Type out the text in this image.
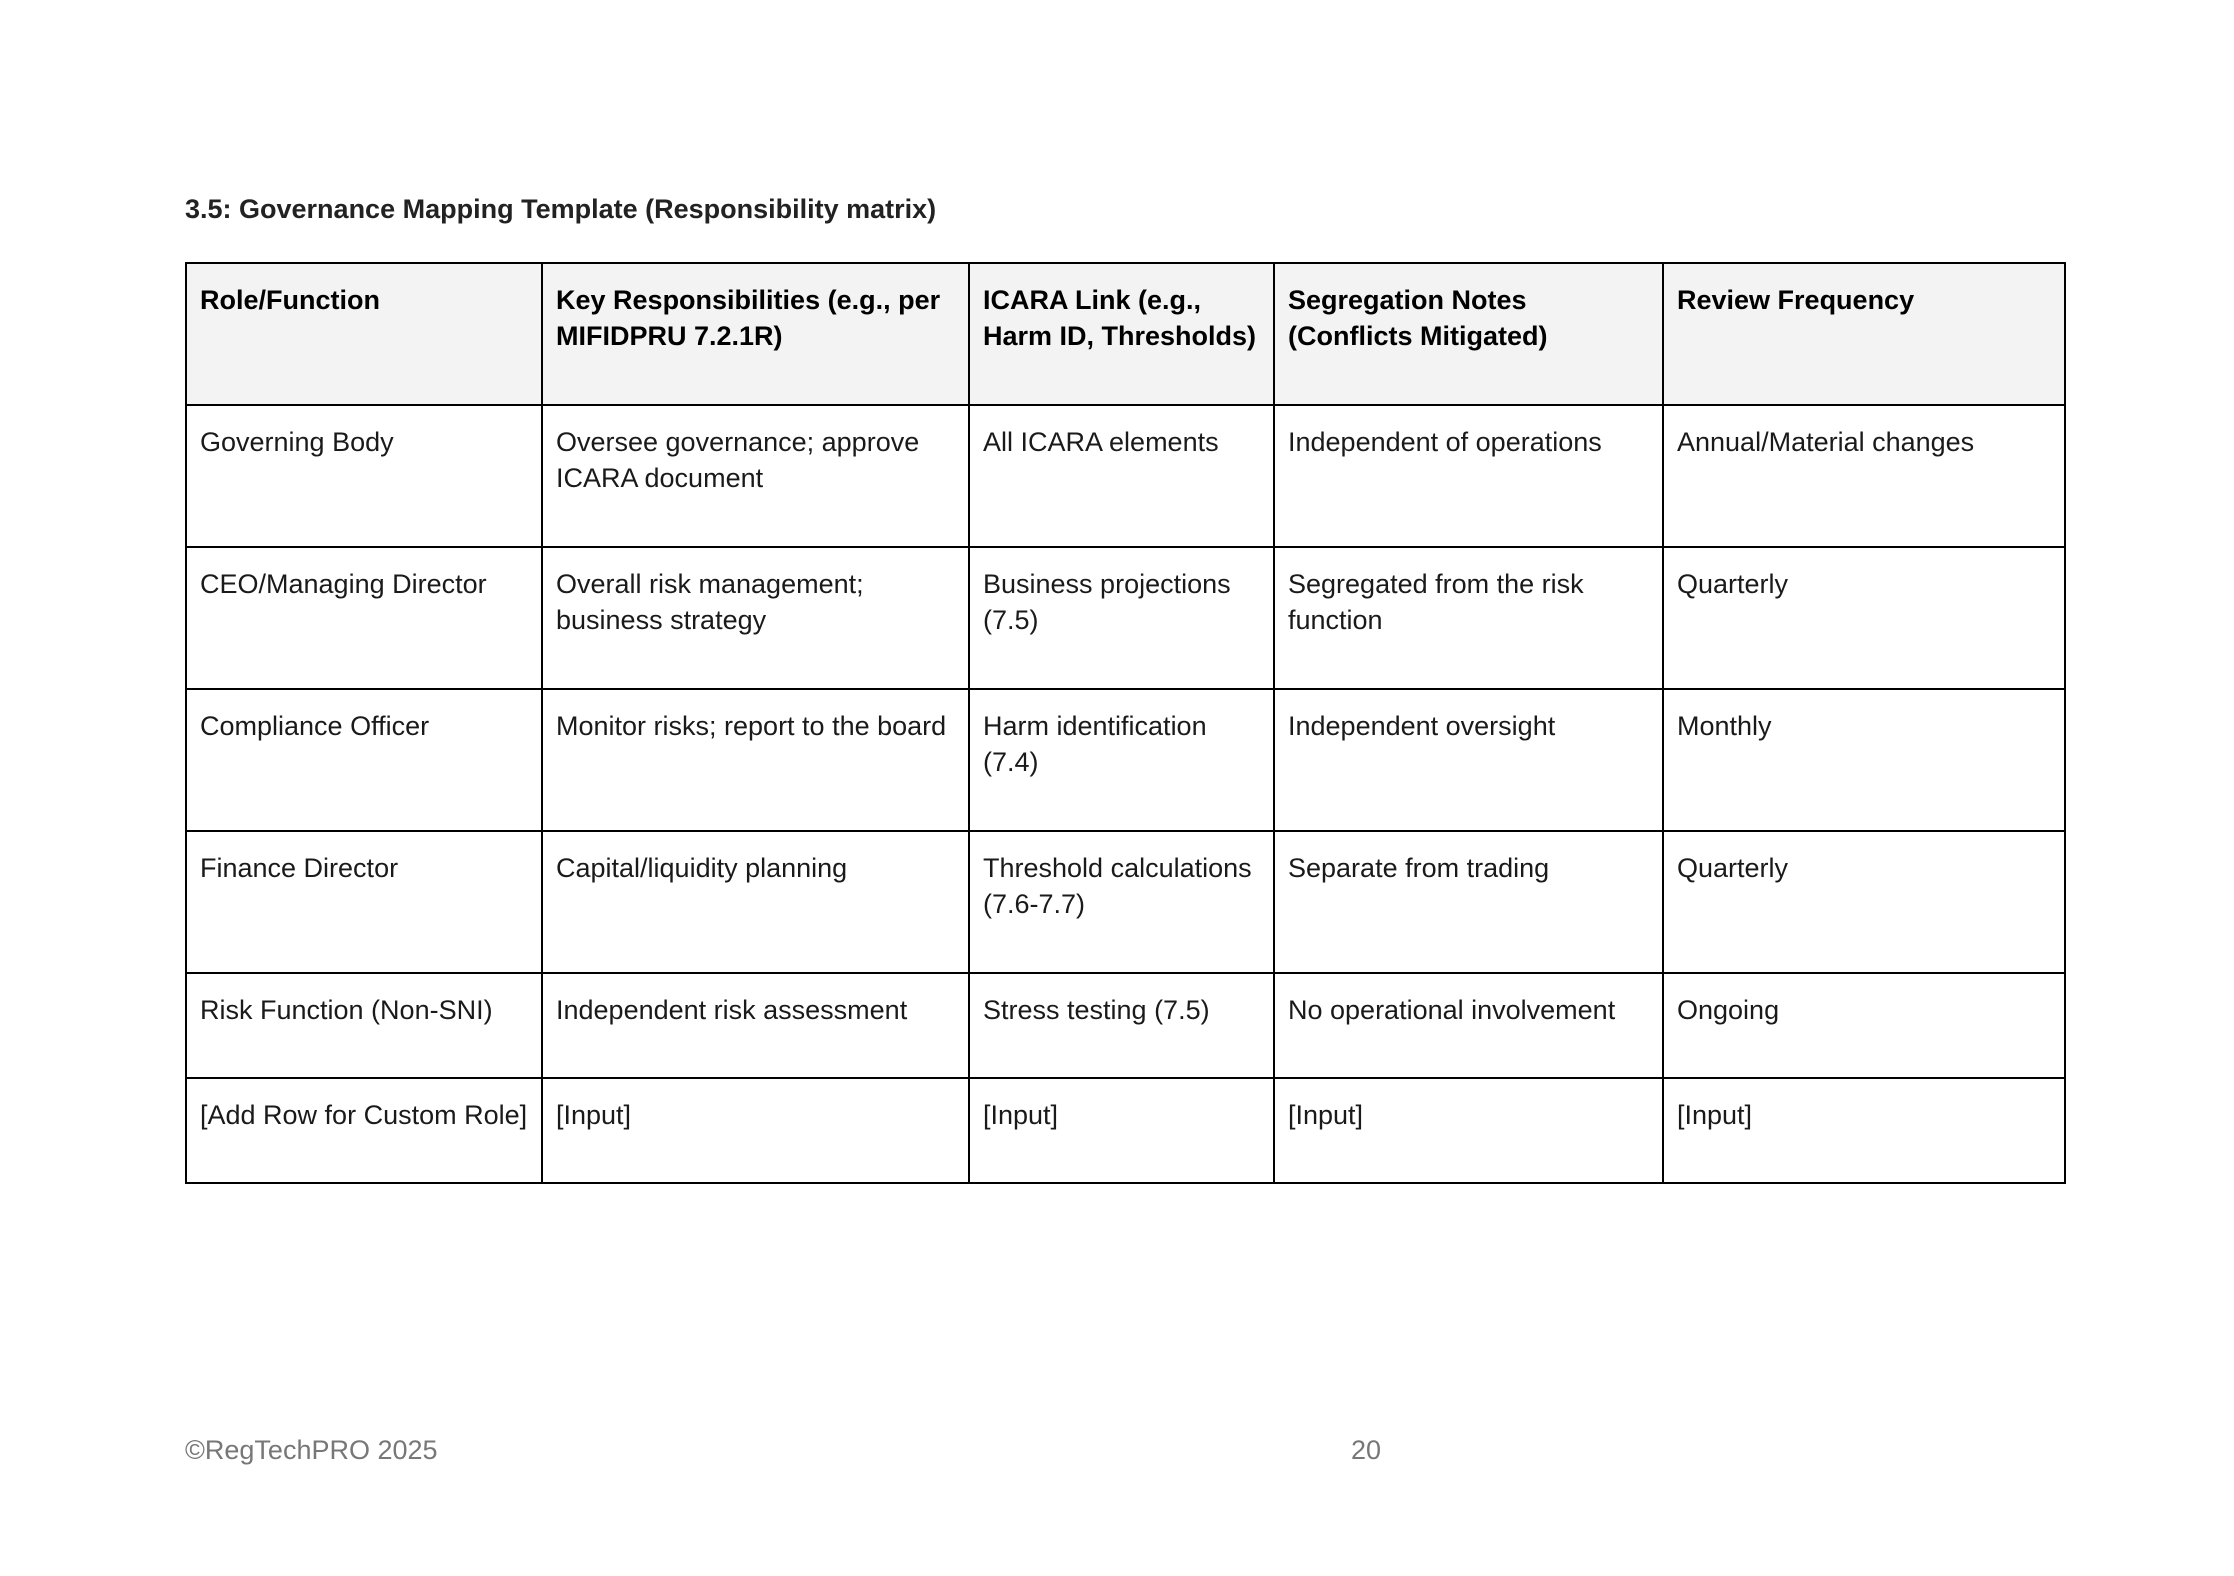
3.5: Governance Mapping Template (Responsibility matrix)
Role/Function	Key Responsibilities (e.g., per MIFIDPRU 7.2.1R)	ICARA Link (e.g., Harm ID, Thresholds)	Segregation Notes (Conflicts Mitigated)	Review Frequency
Governing Body	Oversee governance; approve ICARA document	All ICARA elements	Independent of operations	Annual/Material changes
CEO/Managing Director	Overall risk management; business strategy	Business projections (7.5)	Segregated from the risk function	Quarterly
Compliance Officer	Monitor risks; report to the board	Harm identification (7.4)	Independent oversight	Monthly
Finance Director	Capital/liquidity planning	Threshold calculations (7.6-7.7)	Separate from trading	Quarterly
Risk Function (Non-SNI)	Independent risk assessment	Stress testing (7.5)	No operational involvement	Ongoing
[Add Row for Custom Role]	[Input]	[Input]	[Input]	[Input]
©RegTechPRO 2025	20
